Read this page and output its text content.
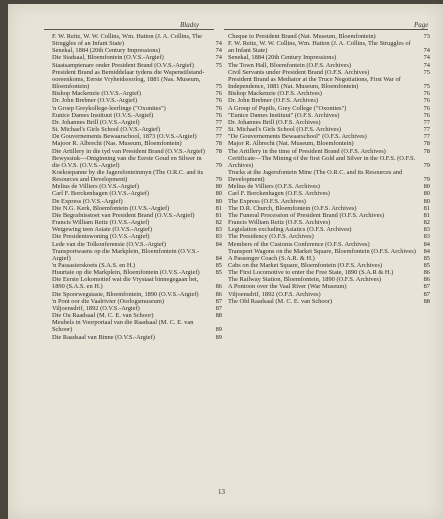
Bladsy	Page
F. W. Reitz, W. W. Collins, Wm. Hatton (J. A. Collins, The Struggles of an Infant State)	74
Senekal, 1884 (20th Century Impressions)	74
Die Stadsaal, Bloemfontein (O.V.S.-Argief)	74
Staatsamptenare onder President Brand (O.V.S.-Argief)	75
President Brand as Bemiddelaar tydens die Wapenstilstand-ooreenkoms, Eerste Vryheidsoorlog, 1881 (Nas. Museum, Bloemfontein)	75
Bishop Mackenzie (O.V.S.-Argief)	76
Dr. John Brebner (O.V.S.-Argief)	76
'n Groep Greykollege-leerlinge ("Oxonites")	76
Eunice Dames Instituut (O.V.S.-Argief)	76
Dr. Johannes Brill (O.V.S.-Argief)	77
St. Michael's Girls School (O.V.S.-Argief)	77
De Gouvernements Bewaarschool, 1873 (O.V.S.-Argief)	77
Majoor R. Albrecht (Nas. Museum, Bloemfontein)	78
Die Artillery in die tyd van President Brand (O.V.S.-Argief)	78
Bewysstuk—Ontginning van die Eerste Goud en Silwer in die O.V.S. (O.V.S.-Argief)	79
Koekoepanne by die Jagersfonteinmyn (The O.R.C. and its Resources and Development)	79
Melius de Villiers (O.V.S.-Argief)	80
Carl F. Borckenhagen (O.V.S.-Argief)	80
De Express (O.V.S.-Argief)	80
Die N.G. Kerk, Bloemfontein (O.V.S.-Argief)	81
Die Begrafnisstoet van President Brand (O.V.S.-Argief)	81
Francis William Reitz (O.V.S.-Argief)	82
Wetgewing teen Asiate (O.V.S.-Argief)	83
Die Presidentswoning (O.V.S.-Argief)	83
Lede van die Tolkonferensie (O.V.S.-Argief)	84
Transportwaens op die Markplein, Bloemfontein (O.V.S.-Argief)	84
'n Passasierskoets (S.A.S. en H.)	85
Huurtaie op die Markplein, Bloemfontein (O.V.S.-Argief)	85
Die Eerste Lokomotief wat die Vrystaat binnegegaan het, 1890 (S.A.S. en H.)	86
Die Spoorwegstasie, Bloemfontein, 1890 (O.V.S.-Argief)	86
'n Pont oor die Vaalrivier (Oorlogsmuseum)	87
Viljoensdrif, 1892 (O.V.S.-Argief)	87
Die Ou Raadsaal (M. C. E. van Schoor)	88
Meubels in Voorportaal van die Raadsaal (M. C. E. van Schoor)	89
Die Raadsaal van Binne (O.V.S.-Argief)	89
Cheque to President Brand (Nat. Museum, Bloemfontein)	73
F. W. Reitz, W. W. Collins, Wm. Hatton (J. A. Collins, The Struggles of an Infant State)	74
Senekal, 1884 (20th Century Impressions)	74
The Town Hall, Bloemfontein (O.F.S. Archives)	74
Civil Servants under President Brand (O.F.S. Archives)	75
President Brand as Mediator at the Truce Negotiations, First War of Independence, 1881 (Nat. Museum, Bloemfontein)	75
Bishop Mackenzie (O.F.S. Archives)	76
Dr. John Brebner (O.F.S. Archives)	76
A Group of Pupils, Grey College ("Oxonites")	76
"Eunice Dames Instituut" (O.F.S. Archives)	76
Dr. Johannes Brill (O.F.S. Archives)	77
St. Michael's Girls School (O.F.S. Archives)	77
"De Gouvernements Bewaarschool" (O.F.S. Archives)	77
Major R. Albrecht (Nat. Museum, Bloemfontein)	78
The Artillery in the time of President Brand (O.F.S. Archives)	78
Certificate—The Mining of the first Gold and Silver in the O.F.S. (O.F.S. Archives)	79
Trucks at the Jagersfontein Mine (The O.R.C. and its Resources and Development)	79
Melius de Villiers (O.F.S. Archives)	80
Carl F. Borckenhagen (O.F.S. Archives)	80
The Express (O.F.S. Archives)	80
The D.R. Church, Bloemfontein (O.F.S. Archives)	81
The Funeral Procession of President Brand (O.F.S. Archives)	81
Francis William Reitz (O.F.S. Archives)	82
Legislation excluding Asiatics (O.F.S. Archives)	83
The Presidency (O.F.S. Archives)	83
Members of the Customs Conference (O.F.S. Archives)	84
Transport Wagons on the Market Square, Bloemfontein (O.F.S. Archives)	84
A Passenger Coach (S.A.R. & H.)	85
Cabs on the Market Square, Bloemfontein (O.F.S. Archives)	85
The First Locomotive to enter the Free State, 1890 (S.A.R & H.)	86
The Railway Station, Bloemfontein, 1890 (O.F.S. Archives)	86
A Pontoon over the Vaal River (War Museum)	87
Viljoensdrif, 1892 (O.F.S. Archives)	87
The Old Raadsaal (M. C. E. van Schoor)	88
13
